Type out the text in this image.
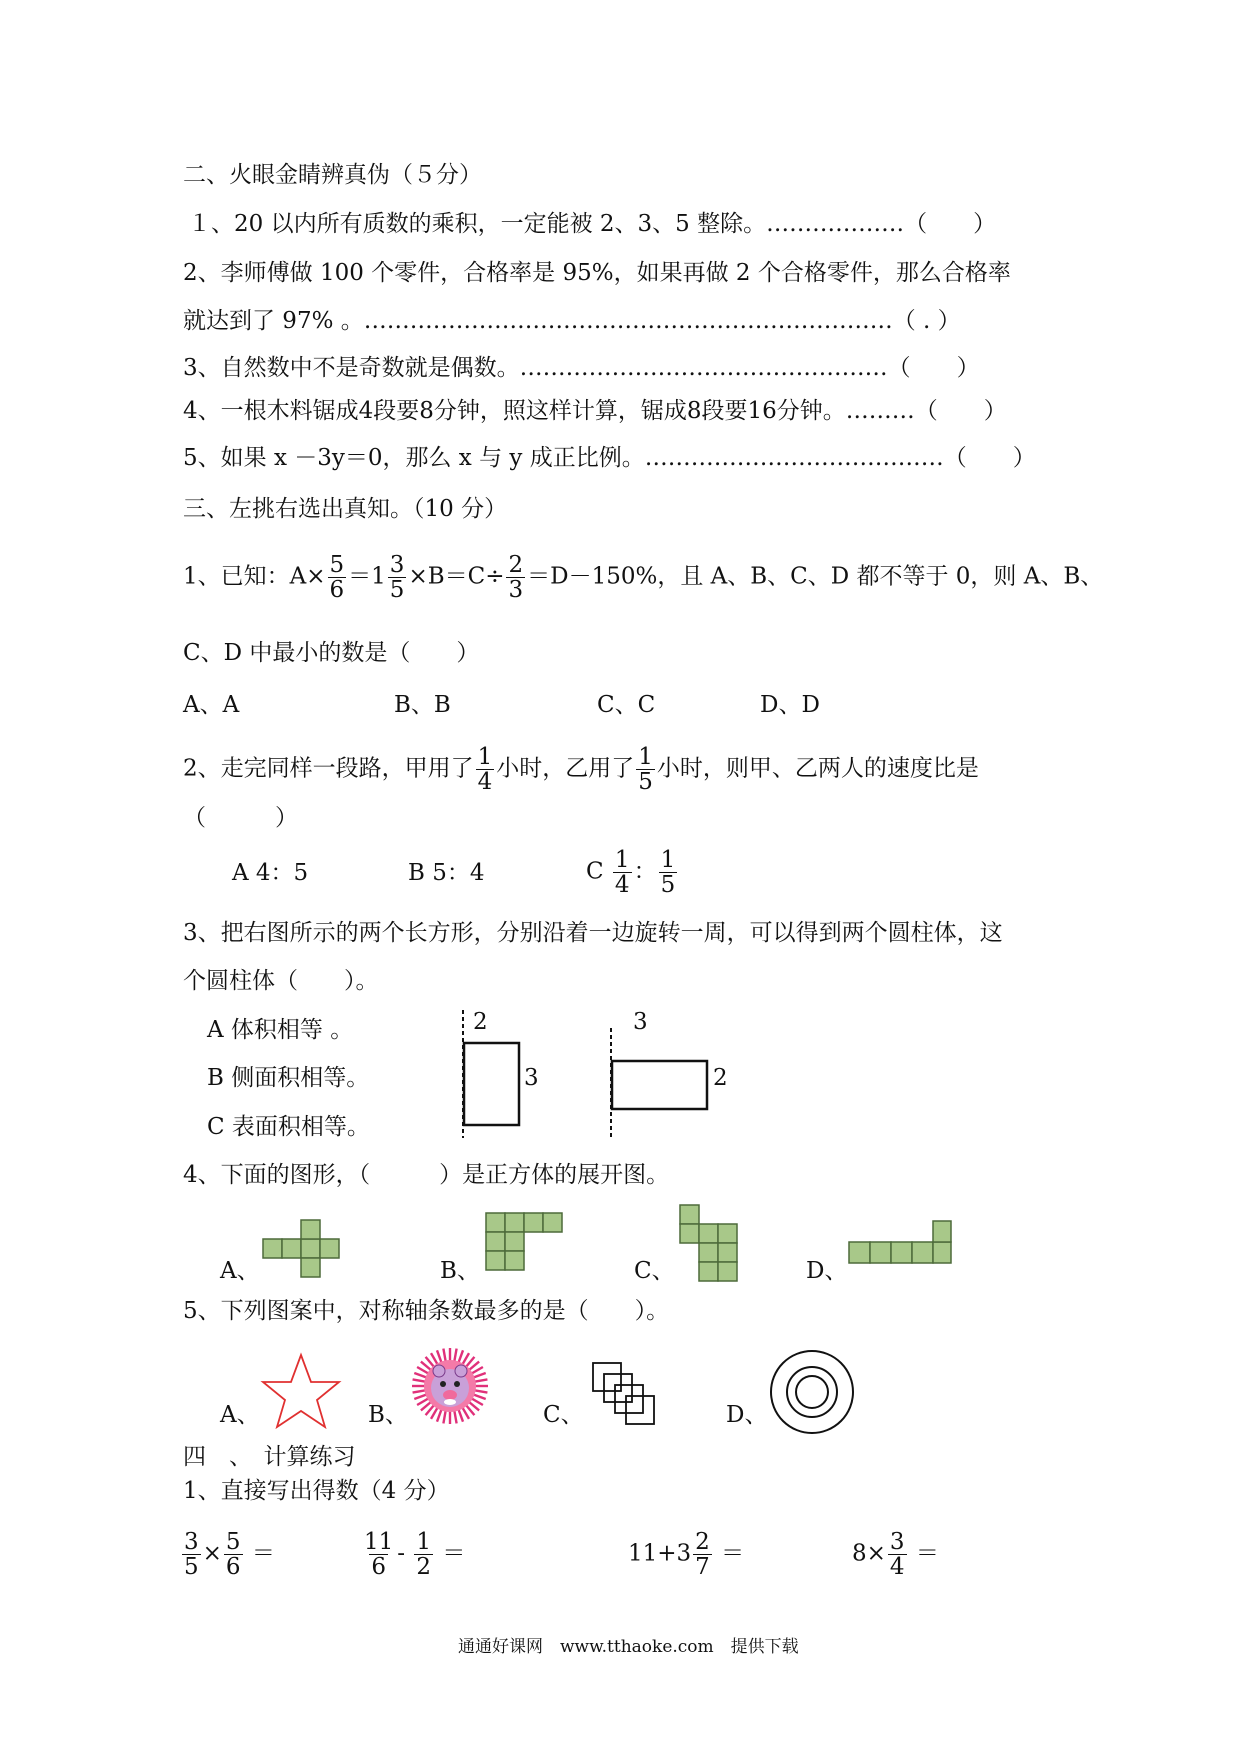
二、火眼金睛辨真伪（５分）
１、20 以内所有质数的乘积，一定能被 2、3、5 整除。………………（　　）
2、李师傅做 100 个零件，合格率是 95%，如果再做 2 个合格零件，那么合格率
就达到了 97% 。……………………………………………………………（ . ）
3、自然数中不是奇数就是偶数。…………………………………………（　　）
4、一根木料锯成4段要8分钟，照这样计算，锯成8段要16分钟。………（　　）
5、如果 x －3y＝0，那么 x 与 y 成正比例。…………………………………（　　）
三、左挑右选出真知。（10 分）
1、已知：$A\times \frac{5}{6} =1 \frac{3}{5} \times B=C\div \frac{2}{3} =D-150\%$，且 A、B、C、D 都不等于 0，则 A、B、
C、D 中最小的数是（　　）
A、A	B、B	C、C	D、D
2、走完同样一段路，甲用了 $\frac{1}{4}$ 小时，乙用了 $\frac{1}{5}$ 小时，则甲、乙两人的速度比是
（　　　）
A 4：5	B 5：4	C $\frac{1}{4}$ ： $\frac{1}{5}$
3、把右图所示的两个长方形，分别沿着一边旋转一周，可以得到两个圆柱体，这
个圆柱体（　　）。
A 体积相等 。
B 侧面积相等。
C 表面积相等。
2
3
3
2
4、下面的图形，（　　　）是正方体的展开图。
A、	B、	C、	D、
5、下列图案中，对称轴条数最多的是（　　）。
A、	B、	C、	D、
四　、　计算练习
1、直接写出得数（4 分）
$\frac{3}{5} \times \frac{5}{6}$ ＝	$\frac{11}{6} - \frac{1}{2}$ ＝	$11+3 \frac{2}{7}$ ＝	$8\times \frac{3}{4}$ ＝
通通好课网　www.tthaoke.com　提供下载
